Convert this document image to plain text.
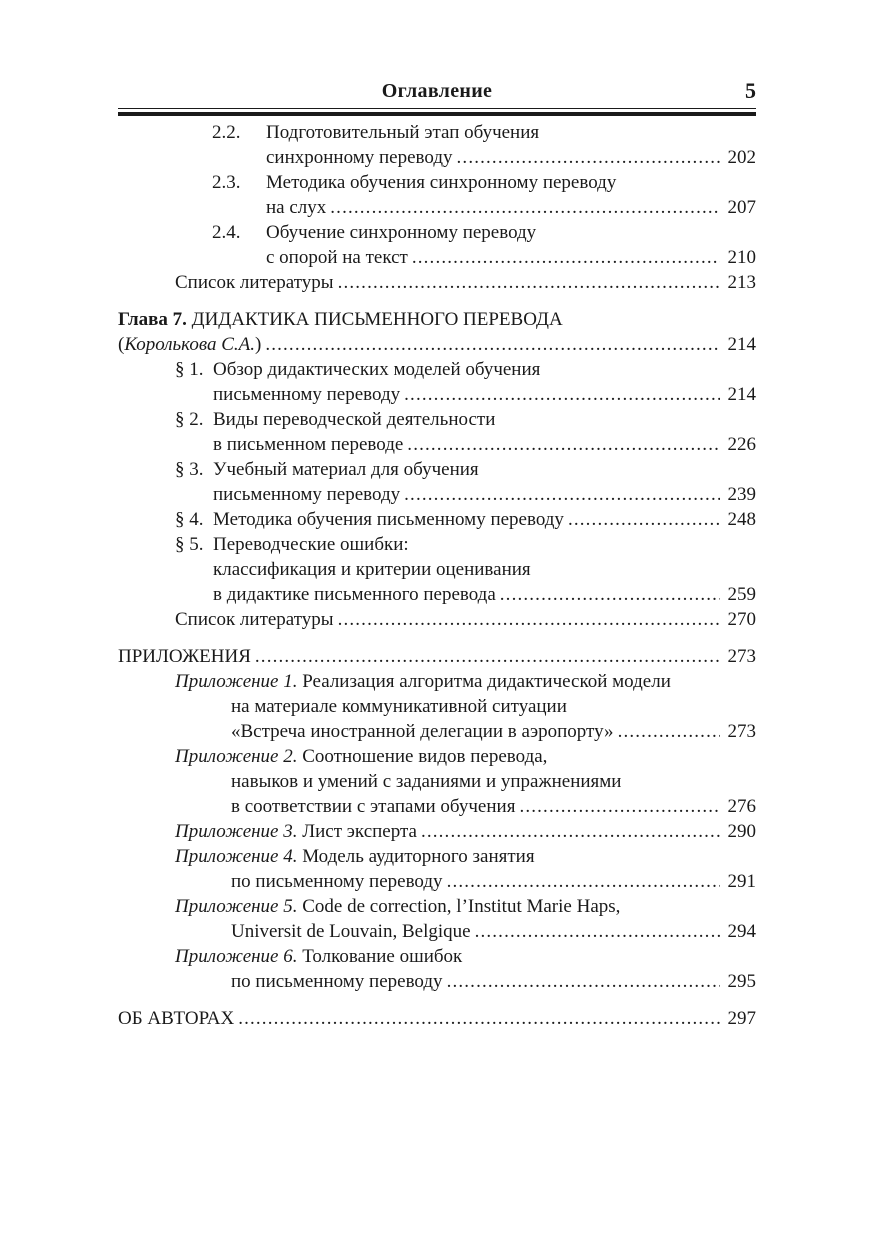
Оглавление	5
2.2. Подготовительный этап обучения
синхронному переводу . . .	202
2.3. Методика обучения синхронному переводу
на слух . . .	207
2.4. Обучение синхронному переводу
с опорой на текст . . .	210
Список литературы . . .	213
Глава 7. ДИДАКТИКА ПИСЬМЕННОГО ПЕРЕВОДА
(Королькова С.А.) . . .	214
§ 1. Обзор дидактических моделей обучения
письменному переводу . . .	214
§ 2. Виды переводческой деятельности
в письменном переводе . . .	226
§ 3. Учебный материал для обучения
письменному переводу . . .	239
§ 4. Методика обучения письменному переводу . . .	248
§ 5. Переводческие ошибки:
классификация и критерии оценивания
в дидактике письменного перевода . . .	259
Список литературы . . .	270
ПРИЛОЖЕНИЯ . . .	273
Приложение 1. Реализация алгоритма дидактической модели
на материале коммуникативной ситуации
«Встреча иностранной делегации в аэропорту» . . .	273
Приложение 2. Соотношение видов перевода,
навыков и умений с заданиями и упражнениями
в соответствии с этапами обучения . . .	276
Приложение 3. Лист эксперта . . .	290
Приложение 4. Модель аудиторного занятия
по письменному переводу . . .	291
Приложение 5. Code de correction, l’Institut Marie Haps,
Universit de Louvain, Belgique . . .	294
Приложение 6. Толкование ошибок
по письменному переводу . . .	295
ОБ АВТОРАХ . . .	297
